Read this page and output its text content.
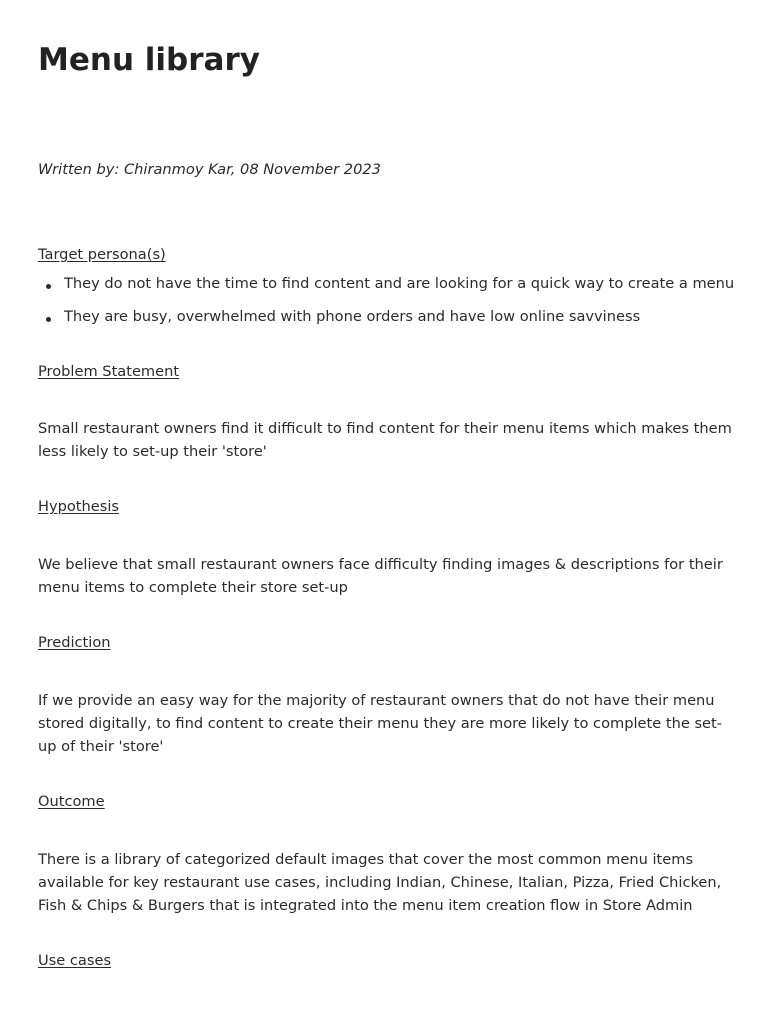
Menu library

Written by: Chiranmoy Kar, 08 November 2023

Target persona(s)

They do not have the time to find content and are looking for a quick way to create a menu
They are busy, overwhelmed with phone orders and have low online savviness

Problem Statement

Small restaurant owners find it difficult to find content for their menu items which makes them less likely to set-up their 'store'

Hypothesis

We believe that small restaurant owners face difficulty finding images & descriptions for their menu items to complete their store set-up

Prediction

If we provide an easy way for the majority of restaurant owners that do not have their menu stored digitally, to find content to create their menu they are more likely to complete the set-up of their 'store'

Outcome

There is a library of categorized default images that cover the most common menu items available for key restaurant use cases, including Indian, Chinese, Italian, Pizza, Fried Chicken, Fish & Chips & Burgers that is integrated into the menu item creation flow in Store Admin

Use cases
